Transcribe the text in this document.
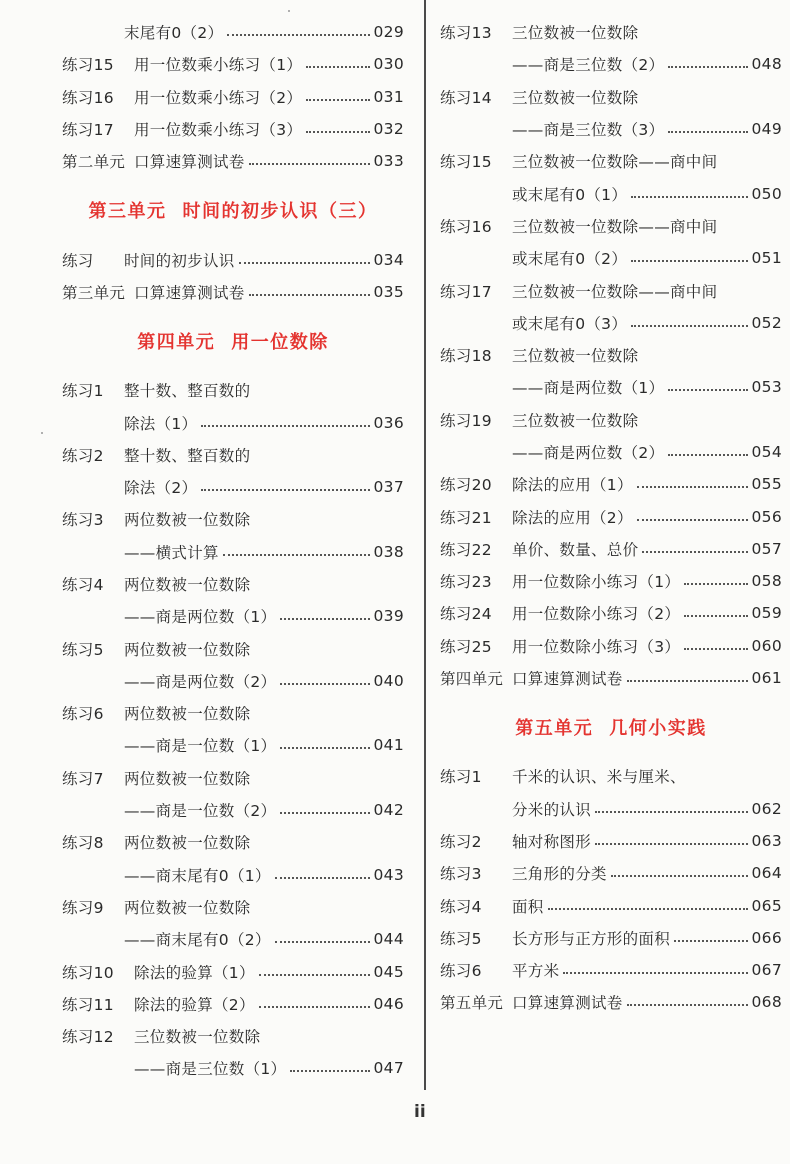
末尾有0（2）	029
练习15	用一位数乘小练习（1）	030
练习16	用一位数乘小练习（2）	031
练习17	用一位数乘小练习（3）	032
第二单元 口算速算测试卷	033
第三单元 时间的初步认识（三）
练习	时间的初步认识	034
第三单元 口算速算测试卷	035
第四单元 用一位数除
练习1	整十数、整百数的
除法（1）	036
练习2	整十数、整百数的
除法（2）	037
练习3	两位数被一位数除
——横式计算	038
练习4	两位数被一位数除
——商是两位数（1）	039
练习5	两位数被一位数除
——商是两位数（2）	040
练习6	两位数被一位数除
——商是一位数（1）	041
练习7	两位数被一位数除
——商是一位数（2）	042
练习8	两位数被一位数除
——商末尾有0（1）	043
练习9	两位数被一位数除
——商末尾有0（2）	044
练习10	除法的验算（1）	045
练习11	除法的验算（2）	046
练习12	三位数被一位数除
——商是三位数（1）	047
练习13	三位数被一位数除
——商是三位数（2）	048
练习14	三位数被一位数除
——商是三位数（3）	049
练习15	三位数被一位数除——商中间
或末尾有0（1）	050
练习16	三位数被一位数除——商中间
或末尾有0（2）	051
练习17	三位数被一位数除——商中间
或末尾有0（3）	052
练习18	三位数被一位数除
——商是两位数（1）	053
练习19	三位数被一位数除
——商是两位数（2）	054
练习20	除法的应用（1）	055
练习21	除法的应用（2）	056
练习22	单价、数量、总价	057
练习23	用一位数除小练习（1）	058
练习24	用一位数除小练习（2）	059
练习25	用一位数除小练习（3）	060
第四单元 口算速算测试卷	061
第五单元 几何小实践
练习1	千米的认识、米与厘米、
分米的认识	062
练习2	轴对称图形	063
练习3	三角形的分类	064
练习4	面积	065
练习5	长方形与正方形的面积	066
练习6	平方米	067
第五单元 口算速算测试卷	068
ii
